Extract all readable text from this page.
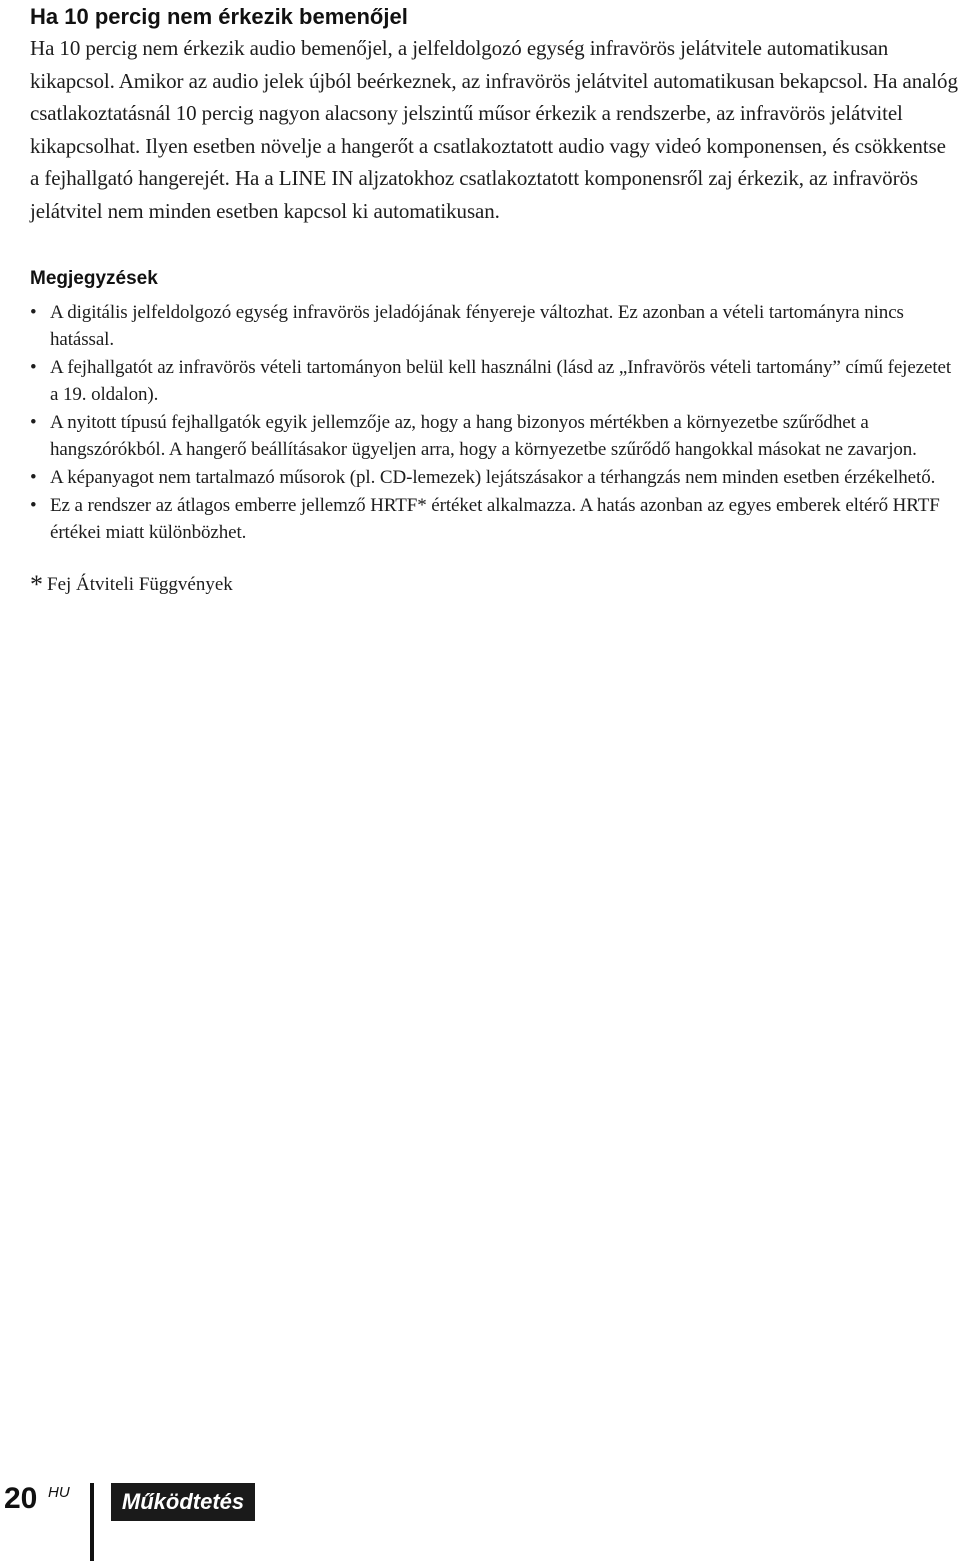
Ha 10 percig nem érkezik bemenőjel

Ha 10 percig nem érkezik audio bemenőjel, a jelfeldolgozó egység infravörös jelátvitele automatikusan kikapcsol. Amikor az audio jelek újból beérkeznek, az infravörös jelátvitel automatikusan bekapcsol. Ha analóg csatlakoztatásnál 10 percig nagyon alacsony jelszintű műsor érkezik a rendszerbe, az infravörös jelátvitel kikapcsolhat. Ilyen esetben növelje a hangerőt a csatlakoztatott audio vagy videó komponensen, és csökkentse a fejhallgató hangerejét. Ha a LINE IN aljzatokhoz csatlakoztatott komponensről zaj érkezik, az infravörös jelátvitel nem minden esetben kapcsol ki automatikusan.

Megjegyzések
• A digitális jelfeldolgozó egység infravörös jeladójának fényereje változhat. Ez azonban a vételi tartományra nincs hatással.
• A fejhallgatót az infravörös vételi tartományon belül kell használni (lásd az „Infravörös vételi tartomány” című fejezetet a 19. oldalon).
• A nyitott típusú fejhallgatók egyik jellemzője az, hogy a hang bizonyos mértékben a környezetbe szűrődhet a hangszórókból. A hangerő beállításakor ügyeljen arra, hogy a környezetbe szűrődő hangokkal másokat ne zavarjon.
• A képanyagot nem tartalmazó műsorok (pl. CD-lemezek) lejátszásakor a térhangzás nem minden esetben érzékelhető.
• Ez a rendszer az átlagos emberre jellemző HRTF* értéket alkalmazza. A hatás azonban az egyes emberek eltérő HRTF értékei miatt különbözhet.
* Fej Átviteli Függvények
20 HU	Működtetés
